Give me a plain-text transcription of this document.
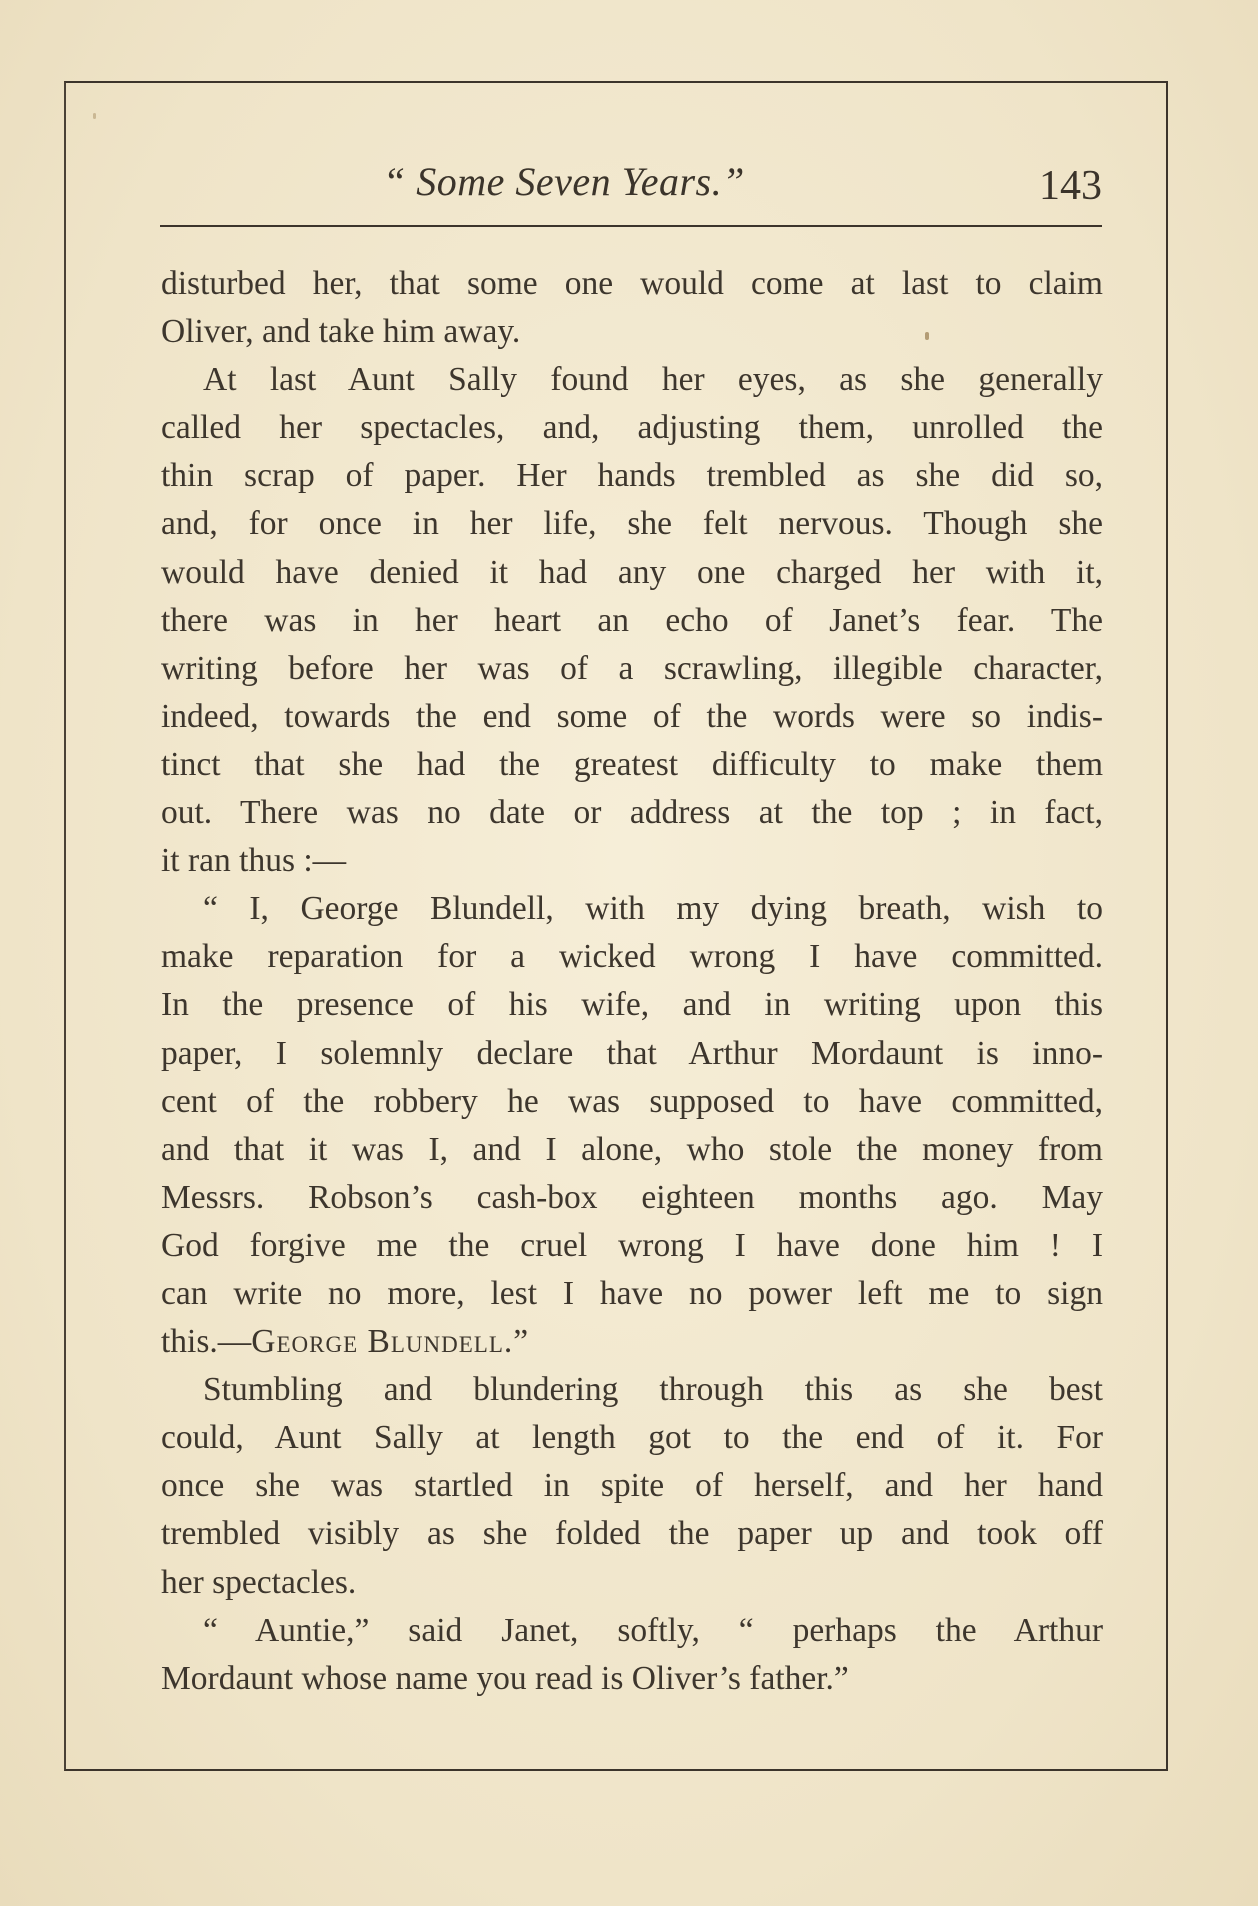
“ Some Seven Years.”	143
disturbed her, that some one would come at last to claim
Oliver, and take him away.
At last Aunt Sally found her eyes, as she generally
called her spectacles, and, adjusting them, unrolled the
thin scrap of paper. Her hands trembled as she did so,
and, for once in her life, she felt nervous. Though she
would have denied it had any one charged her with it,
there was in her heart an echo of Janet’s fear. The
writing before her was of a scrawling, illegible character,
indeed, towards the end some of the words were so indis-
tinct that she had the greatest difficulty to make them
out. There was no date or address at the top ; in fact,
it ran thus :—
“ I, George Blundell, with my dying breath, wish to
make reparation for a wicked wrong I have committed.
In the presence of his wife, and in writing upon this
paper, I solemnly declare that Arthur Mordaunt is inno-
cent of the robbery he was supposed to have committed,
and that it was I, and I alone, who stole the money from
Messrs. Robson’s cash-box eighteen months ago. May
God forgive me the cruel wrong I have done him ! I
can write no more, lest I have no power left me to sign
this.—George Blundell.”
Stumbling and blundering through this as she best
could, Aunt Sally at length got to the end of it. For
once she was startled in spite of herself, and her hand
trembled visibly as she folded the paper up and took off
her spectacles.
“ Auntie,” said Janet, softly, “ perhaps the Arthur
Mordaunt whose name you read is Oliver’s father.”
